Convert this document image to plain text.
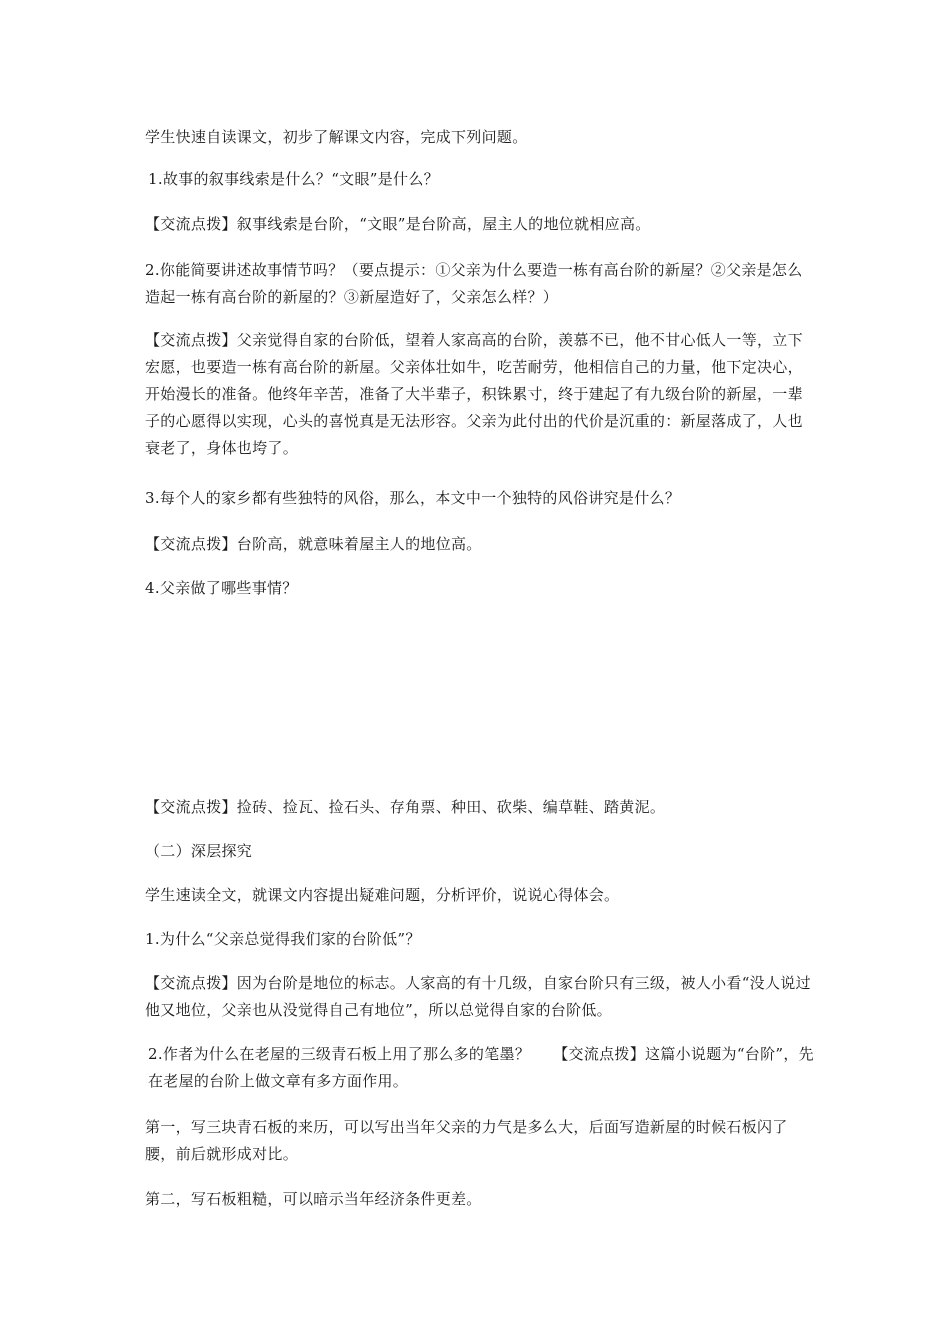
学生快速自读课文，初步了解课文内容，完成下列问题。

1.故事的叙事线索是什么？“文眼”是什么？

【交流点拨】叙事线索是台阶，“文眼”是台阶高，屋主人的地位就相应高。

2.你能简要讲述故事情节吗？（要点提示：①父亲为什么要造一栋有高台阶的新屋？②父亲是怎么造起一栋有高台阶的新屋的？③新屋造好了，父亲怎么样？）

【交流点拨】父亲觉得自家的台阶低，望着人家高高的台阶，羡慕不已，他不甘心低人一等，立下宏愿，也要造一栋有高台阶的新屋。父亲体壮如牛，吃苦耐劳，他相信自己的力量，他下定决心，开始漫长的准备。他终年辛苦，准备了大半辈子，积铢累寸，终于建起了有九级台阶的新屋，一辈子的心愿得以实现，心头的喜悦真是无法形容。父亲为此付出的代价是沉重的：新屋落成了，人也衰老了，身体也垮了。

3.每个人的家乡都有些独特的风俗，那么，本文中一个独特的风俗讲究是什么？

【交流点拨】台阶高，就意味着屋主人的地位高。

4.父亲做了哪些事情？

【交流点拨】捡砖、捡瓦、捡石头、存角票、种田、砍柴、编草鞋、踏黄泥。

（二）深层探究

学生速读全文，就课文内容提出疑难问题，分析评价，说说心得体会。

1.为什么“父亲总觉得我们家的台阶低”？

【交流点拨】因为台阶是地位的标志。人家高的有十几级，自家台阶只有三级，被人小看“没人说过他又地位，父亲也从没觉得自己有地位”，所以总觉得自家的台阶低。

2.作者为什么在老屋的三级青石板上用了那么多的笔墨？　　【交流点拨】这篇小说题为“台阶”，先在老屋的台阶上做文章有多方面作用。

第一，写三块青石板的来历，可以写出当年父亲的力气是多么大，后面写造新屋的时候石板闪了腰，前后就形成对比。

第二，写石板粗糙，可以暗示当年经济条件更差。
